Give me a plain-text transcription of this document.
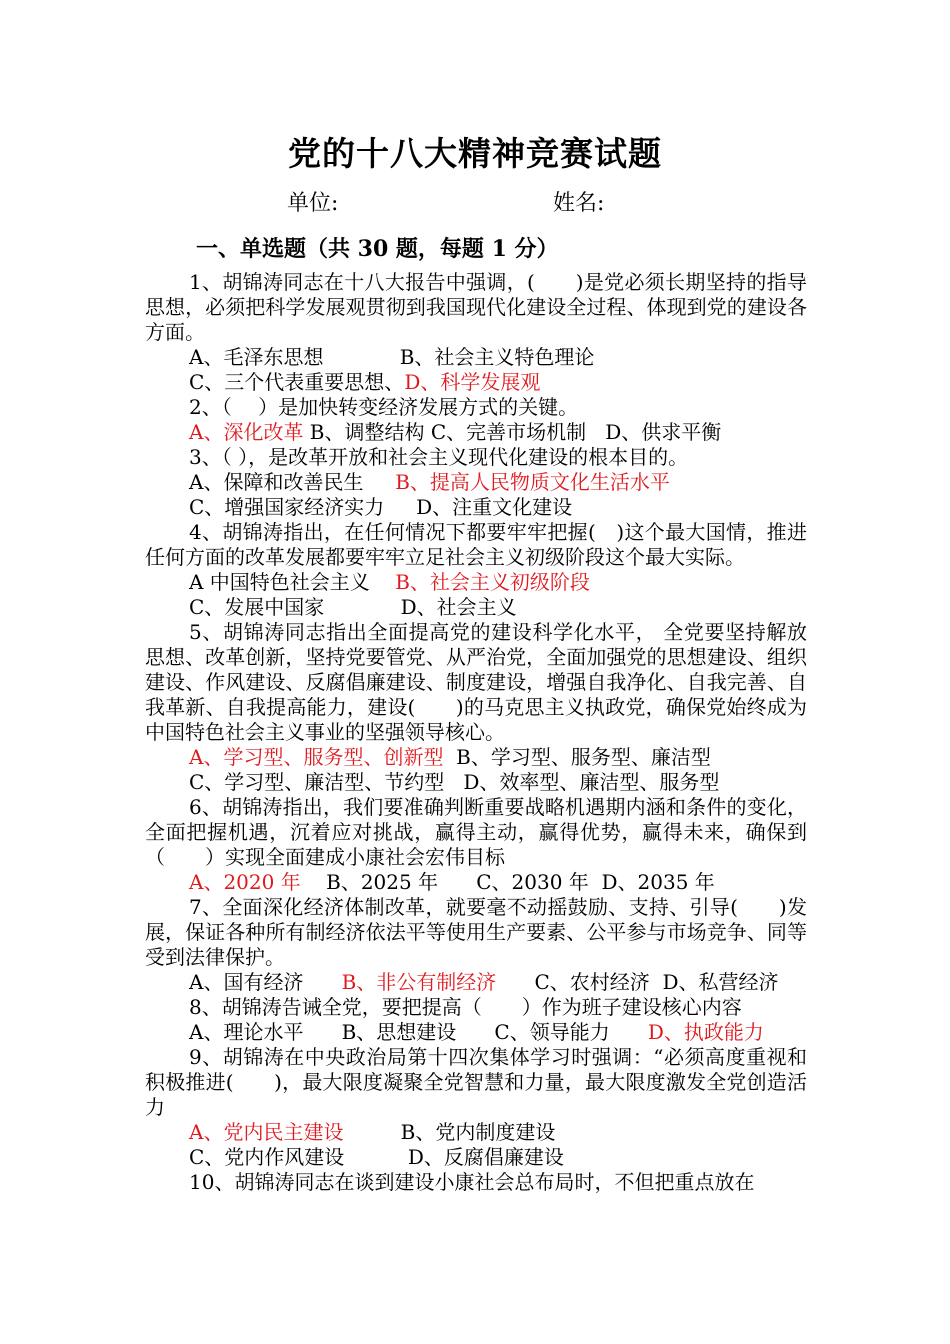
党的十八大精神竞赛试题
单位:	姓名:
一、单选题（共 30 题，每题 1 分）

1、胡锦涛同志在十八大报告中强调，(　　)是党必须长期坚持的指导思想，必须把科学发展观贯彻到我国现代化建设全过程、体现到党的建设各方面。

A、毛泽东思想            B、社会主义特色理论

C、三个代表重要思想、D、科学发展观

2、（　 ）是加快转变经济发展方式的关键。

A、深化改革 B、调整结构 C、完善市场机制   D、供求平衡

3、（ ），是改革开放和社会主义现代化建设的根本目的。

A、保障和改善民生     B、提高人民物质文化生活水平

C、增强国家经济实力     D、注重文化建设

4、胡锦涛指出，在任何情况下都要牢牢把握(　)这个最大国情，推进任何方面的改革发展都要牢牢立足社会主义初级阶段这个最大实际。

A 中国特色社会主义    B、社会主义初级阶段

C、发展中国家            D、社会主义

5、胡锦涛同志指出全面提高党的建设科学化水平， 全党要坚持解放思想、改革创新，坚持党要管党、从严治党，全面加强党的思想建设、组织建设、作风建设、反腐倡廉建设、制度建设，增强自我净化、自我完善、自我革新、自我提高能力，建设(　　)的马克思主义执政党，确保党始终成为中国特色社会主义事业的坚强领导核心。

A、学习型、服务型、创新型  B、学习型、服务型、廉洁型

C、学习型、廉洁型、节约型   D、效率型、廉洁型、服务型

6、胡锦涛指出，我们要准确判断重要战略机遇期内涵和条件的变化，全面把握机遇，沉着应对挑战，赢得主动，赢得优势，赢得未来，确保到（　　）实现全面建成小康社会宏伟目标

A、2020 年    B、2025 年      C、2030 年  D、2035 年

7、全面深化经济体制改革，就要毫不动摇鼓励、支持、引导(　　)发展，保证各种所有制经济依法平等使用生产要素、公平参与市场竞争、同等受到法律保护。

A、国有经济      B、非公有制经济      C、农村经济  D、私营经济

8、胡锦涛告诫全党，要把提高（　　）作为班子建设核心内容

A、理论水平      B、思想建设      C、领导能力      D、执政能力

9、胡锦涛在中央政治局第十四次集体学习时强调：“必须高度重视和积极推进(　　)，最大限度凝聚全党智慧和力量，最大限度激发全党创造活力

A、党内民主建设         B、党内制度建设

C、党内作风建设          D、反腐倡廉建设

10、胡锦涛同志在谈到建设小康社会总布局时，不但把重点放在
